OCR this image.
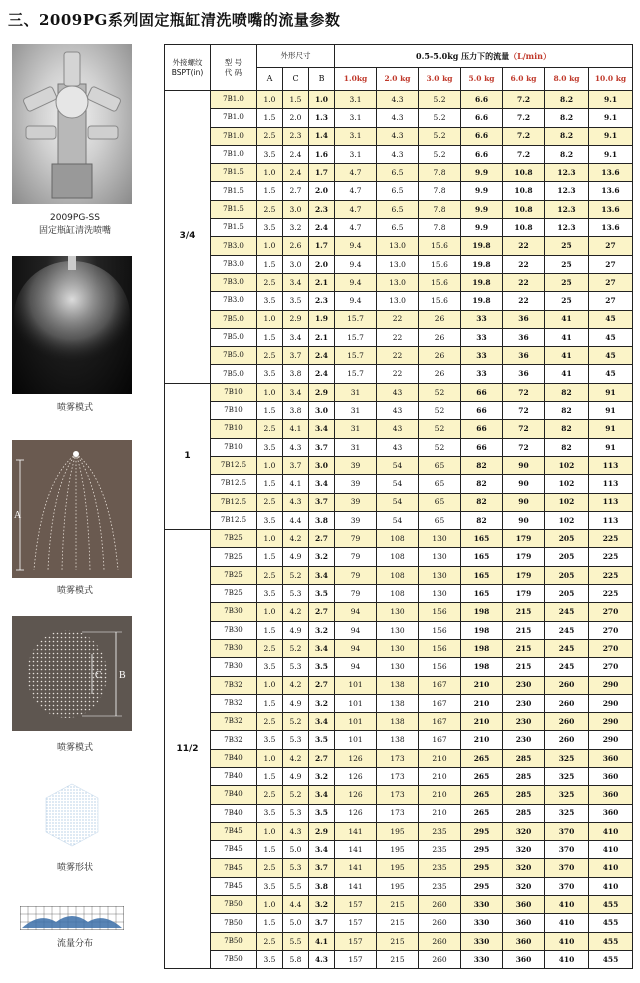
三、2009PG系列固定瓶缸清洗喷嘴的流量参数
2009PG-SS
固定瓶缸清洗喷嘴
喷雾模式
A
喷雾模式
C B
喷雾模式
喷雾形状
流量分布
外接螺纹
BSPT(in)	型 号
代 码	外形尺寸			0.5-5.0kg 压力下的流量（L/min）						
		A	C	B	1.0kg	2.0 kg	3.0 kg	5.0 kg	6.0 kg	8.0 kg	10.0 kg
3/4	7B1.0	1.0	1.5	1.0	3.1	4.3	5.2	6.6	7.2	8.2	9.1
	7B1.0	1.5	2.0	1.3	3.1	4.3	5.2	6.6	7.2	8.2	9.1
	7B1.0	2.5	2.3	1.4	3.1	4.3	5.2	6.6	7.2	8.2	9.1
	7B1.0	3.5	2.4	1.6	3.1	4.3	5.2	6.6	7.2	8.2	9.1
	7B1.5	1.0	2.4	1.7	4.7	6.5	7.8	9.9	10.8	12.3	13.6
	7B1.5	1.5	2.7	2.0	4.7	6.5	7.8	9.9	10.8	12.3	13.6
	7B1.5	2.5	3.0	2.3	4.7	6.5	7.8	9.9	10.8	12.3	13.6
	7B1.5	3.5	3.2	2.4	4.7	6.5	7.8	9.9	10.8	12.3	13.6
	7B3.0	1.0	2.6	1.7	9.4	13.0	15.6	19.8	22	25	27
	7B3.0	1.5	3.0	2.0	9.4	13.0	15.6	19.8	22	25	27
	7B3.0	2.5	3.4	2.1	9.4	13.0	15.6	19.8	22	25	27
	7B3.0	3.5	3.5	2.3	9.4	13.0	15.6	19.8	22	25	27
	7B5.0	1.0	2.9	1.9	15.7	22	26	33	36	41	45
	7B5.0	1.5	3.4	2.1	15.7	22	26	33	36	41	45
	7B5.0	2.5	3.7	2.4	15.7	22	26	33	36	41	45
	7B5.0	3.5	3.8	2.4	15.7	22	26	33	36	41	45
1	7B10	1.0	3.4	2.9	31	43	52	66	72	82	91
	7B10	1.5	3.8	3.0	31	43	52	66	72	82	91
	7B10	2.5	4.1	3.4	31	43	52	66	72	82	91
	7B10	3.5	4.3	3.7	31	43	52	66	72	82	91
	7B12.5	1.0	3.7	3.0	39	54	65	82	90	102	113
	7B12.5	1.5	4.1	3.4	39	54	65	82	90	102	113
	7B12.5	2.5	4.3	3.7	39	54	65	82	90	102	113
	7B12.5	3.5	4.4	3.8	39	54	65	82	90	102	113
11/2	7B25	1.0	4.2	2.7	79	108	130	165	179	205	225
	7B25	1.5	4.9	3.2	79	108	130	165	179	205	225
	7B25	2.5	5.2	3.4	79	108	130	165	179	205	225
	7B25	3.5	5.3	3.5	79	108	130	165	179	205	225
	7B30	1.0	4.2	2.7	94	130	156	198	215	245	270
	7B30	1.5	4.9	3.2	94	130	156	198	215	245	270
	7B30	2.5	5.2	3.4	94	130	156	198	215	245	270
	7B30	3.5	5.3	3.5	94	130	156	198	215	245	270
	7B32	1.0	4.2	2.7	101	138	167	210	230	260	290
	7B32	1.5	4.9	3.2	101	138	167	210	230	260	290
	7B32	2.5	5.2	3.4	101	138	167	210	230	260	290
	7B32	3.5	5.3	3.5	101	138	167	210	230	260	290
	7B40	1.0	4.2	2.7	126	173	210	265	285	325	360
	7B40	1.5	4.9	3.2	126	173	210	265	285	325	360
	7B40	2.5	5.2	3.4	126	173	210	265	285	325	360
	7B40	3.5	5.3	3.5	126	173	210	265	285	325	360
	7B45	1.0	4.3	2.9	141	195	235	295	320	370	410
	7B45	1.5	5.0	3.4	141	195	235	295	320	370	410
	7B45	2.5	5.3	3.7	141	195	235	295	320	370	410
	7B45	3.5	5.5	3.8	141	195	235	295	320	370	410
	7B50	1.0	4.4	3.2	157	215	260	330	360	410	455
	7B50	1.5	5.0	3.7	157	215	260	330	360	410	455
	7B50	2.5	5.5	4.1	157	215	260	330	360	410	455
	7B50	3.5	5.8	4.3	157	215	260	330	360	410	455
